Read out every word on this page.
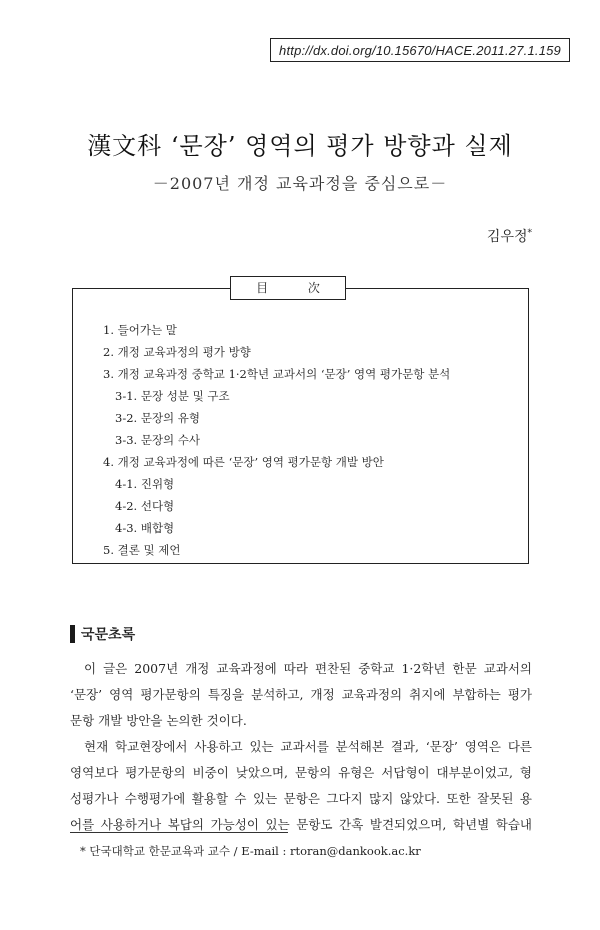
http://dx.doi.org/10.15670/HACE.2011.27.1.159
漢文科 ‘문장’ 영역의 평가 방향과 실제
－2007년 개정 교육과정을 중심으로－
김우정*
目 次
1. 들어가는 말
2. 개정 교육과정의 평가 방향
3. 개정 교육과정 중학교 1·2학년 교과서의 ‘문장’ 영역 평가문항 분석
3-1. 문장 성분 및 구조
3-2. 문장의 유형
3-3. 문장의 수사
4. 개정 교육과정에 따른 ‘문장’ 영역 평가문항 개발 방안
4-1. 진위형
4-2. 선다형
4-3. 배합형
5. 결론 및 제언
국문초록
이 글은 2007년 개정 교육과정에 따라 편찬된 중학교 1·2학년 한문 교과서의
‘문장’ 영역 평가문항의 특징을 분석하고, 개정 교육과정의 취지에 부합하는 평가
문항 개발 방안을 논의한 것이다.
현재 학교현장에서 사용하고 있는 교과서를 분석해본 결과, ‘문장’ 영역은 다른
영역보다 평가문항의 비중이 낮았으며, 문항의 유형은 서답형이 대부분이었고, 형
성평가나 수행평가에 활용할 수 있는 문항은 그다지 많지 않았다. 또한 잘못된 용
어를 사용하거나 복답의 가능성이 있는 문항도 간혹 발견되었으며, 학년별 학습내
* 단국대학교 한문교육과 교수 / E-mail : rtoran@dankook.ac.kr
